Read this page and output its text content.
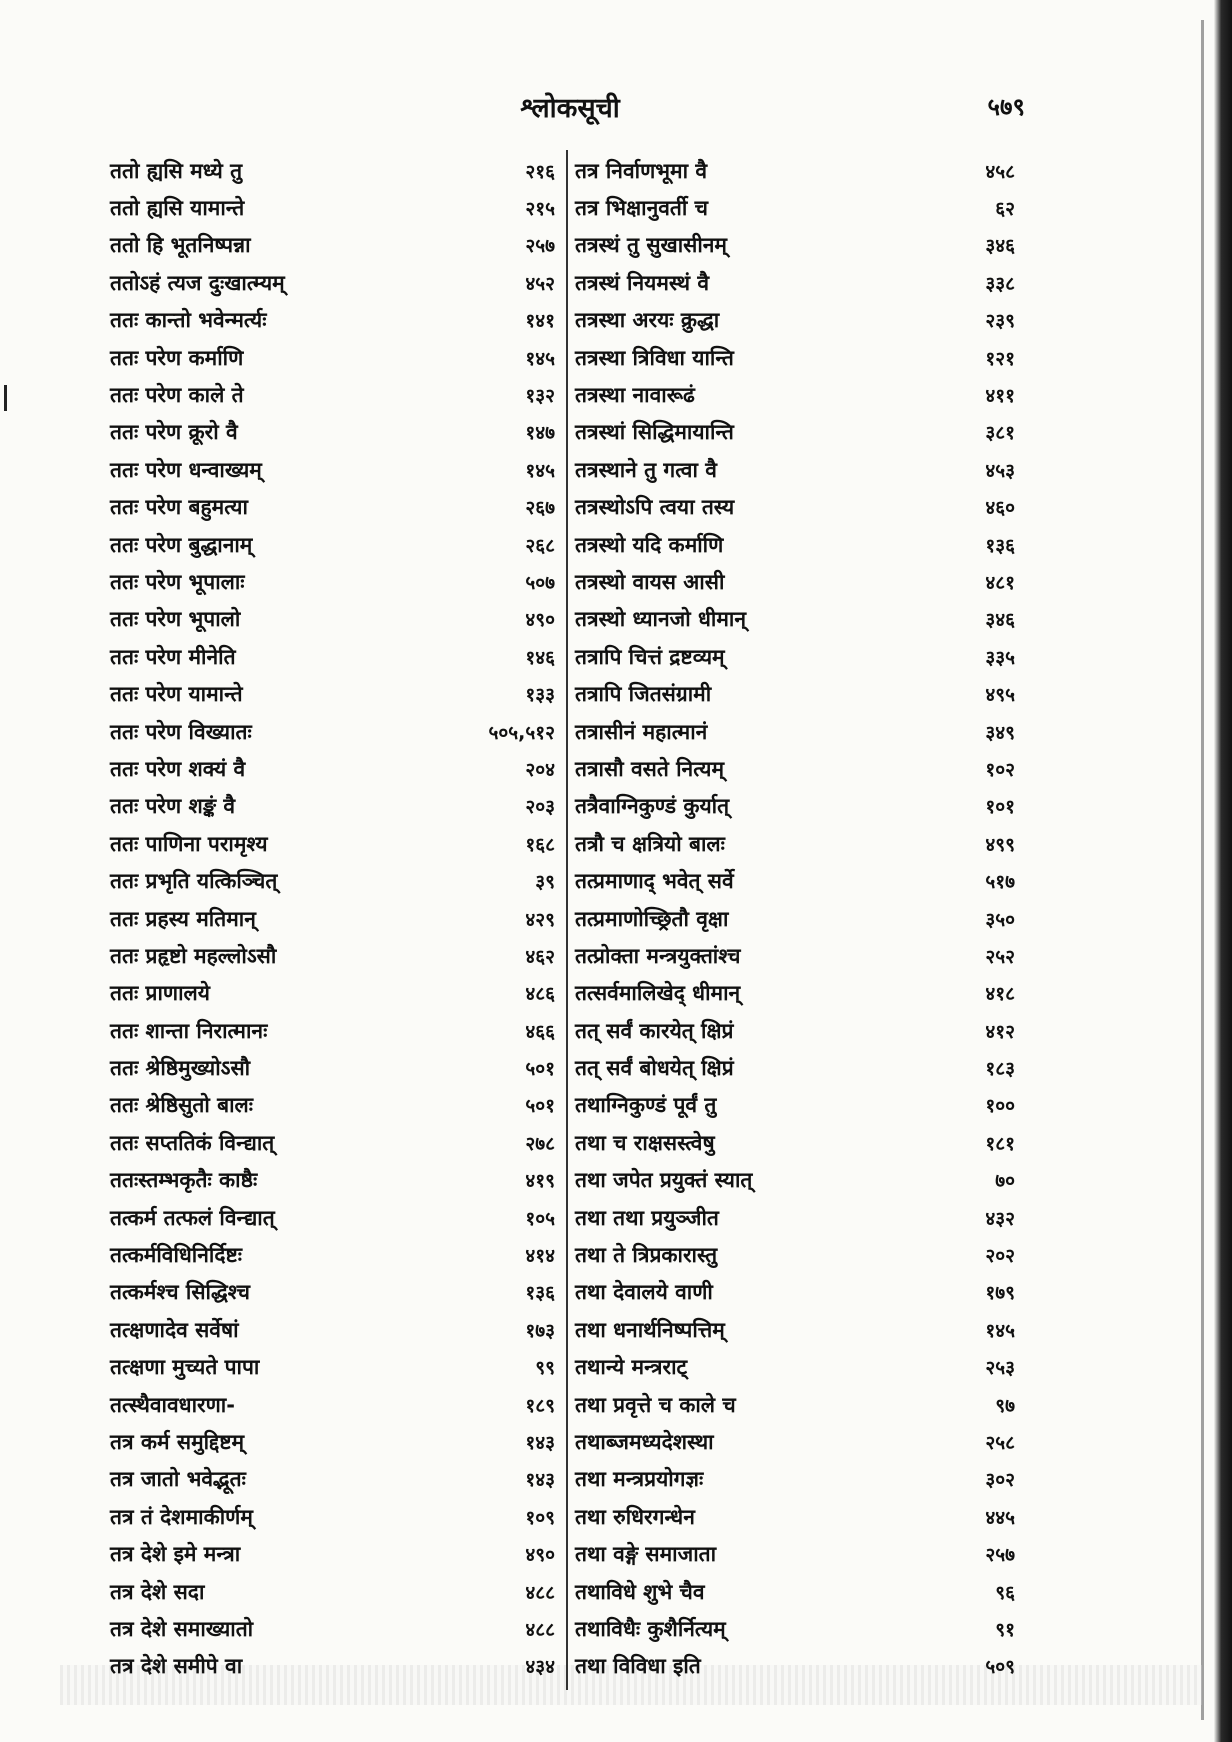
श्लोकसूची	५७९
ततो ह्यसि मध्ये तु	२१६
ततो ह्यसि यामान्ते	२१५
ततो हि भूतनिष्पन्ना	२५७
ततोऽहं त्यज दुःखात्म्यम्	४५२
ततः कान्तो भवेन्मर्त्यः	१४१
ततः परेण कर्माणि	१४५
ततः परेण काले ते	१३२
ततः परेण क्रूरो वै	१४७
ततः परेण धन्वाख्यम्	१४५
ततः परेण बहुमत्या	२६७
ततः परेण बुद्धानाम्	२६८
ततः परेण भूपालाः	५०७
ततः परेण भूपालो	४९०
ततः परेण मीनेति	१४६
ततः परेण यामान्ते	१३३
ततः परेण विख्यातः	५०५,५१२
ततः परेण शक्यं वै	२०४
ततः परेण शङ्कं वै	२०३
ततः पाणिना परामृश्य	१६८
ततः प्रभृति यत्किञ्चित्	३९
ततः प्रहस्य मतिमान्	४२९
ततः प्रहृष्टो महल्लोऽसौ	४६२
ततः प्राणालये	४८६
ततः शान्ता निरात्मानः	४६६
ततः श्रेष्ठिमुख्योऽसौ	५०१
ततः श्रेष्ठिसुतो बालः	५०१
ततः सप्ततिकं विन्द्यात्	२७८
ततःस्तम्भकृतैः काष्ठैः	४१९
तत्कर्म तत्फलं विन्द्यात्	१०५
तत्कर्मविधिनिर्दिष्टः	४१४
तत्कर्मश्च सिद्धिश्च	१३६
तत्क्षणादेव सर्वेषां	१७३
तत्क्षणा मुच्यते पापा	९९
तत्स्थैवावधारणा-	१८९
तत्र कर्म समुद्दिष्टम्	१४३
तत्र जातो भवेद्भूतः	१४३
तत्र तं देशमाकीर्णम्	१०९
तत्र देशे इमे मन्त्रा	४९०
तत्र देशे सदा	४८८
तत्र देशे समाख्यातो	४८८
तत्र देशे समीपे वा	४३४
तत्र निर्वाणभूमा वै	४५८
तत्र भिक्षानुवर्ती च	६२
तत्रस्थं तु सुखासीनम्	३४६
तत्रस्थं नियमस्थं वै	३३८
तत्रस्था अरयः क्रुद्धा	२३९
तत्रस्था त्रिविधा यान्ति	१२१
तत्रस्था नावारूढं	४११
तत्रस्थां सिद्धिमायान्ति	३८१
तत्रस्थाने तु गत्वा वै	४५३
तत्रस्थोऽपि त्वया तस्य	४६०
तत्रस्थो यदि कर्माणि	१३६
तत्रस्थो वायस आसी	४८१
तत्रस्थो ध्यानजो धीमान्	३४६
तत्रापि चित्तं द्रष्टव्यम्	३३५
तत्रापि जितसंग्रामी	४९५
तत्रासीनं महात्मानं	३४९
तत्रासौ वसते नित्यम्	१०२
तत्रैवाग्निकुण्डं कुर्यात्	१०१
तत्रौ च क्षत्रियो बालः	४९९
तत्प्रमाणाद् भवेत् सर्वे	५१७
तत्प्रमाणोच्छ्रितौ वृक्षा	३५०
तत्प्रोक्ता मन्त्रयुक्तांश्च	२५२
तत्सर्वमालिखेद् धीमान्	४१८
तत् सर्वं कारयेत् क्षिप्रं	४१२
तत् सर्वं बोधयेत् क्षिप्रं	१८३
तथाग्निकुण्डं पूर्वं तु	१००
तथा च राक्षसस्त्वेषु	१८१
तथा जपेत प्रयुक्तं स्यात्	७०
तथा तथा प्रयुञ्जीत	४३२
तथा ते त्रिप्रकारास्तु	२०२
तथा देवालये वाणी	१७९
तथा धनार्थनिष्पत्तिम्	१४५
तथान्ये मन्त्रराट्	२५३
तथा प्रवृत्ते च काले च	९७
तथाब्जमध्यदेशस्था	२५८
तथा मन्त्रप्रयोगज्ञः	३०२
तथा रुधिरगन्धेन	४४५
तथा वङ्गे समाजाता	२५७
तथाविधे शुभे चैव	९६
तथाविधैः कुशैर्नित्यम्	९१
तथा विविधा इति	५०९
